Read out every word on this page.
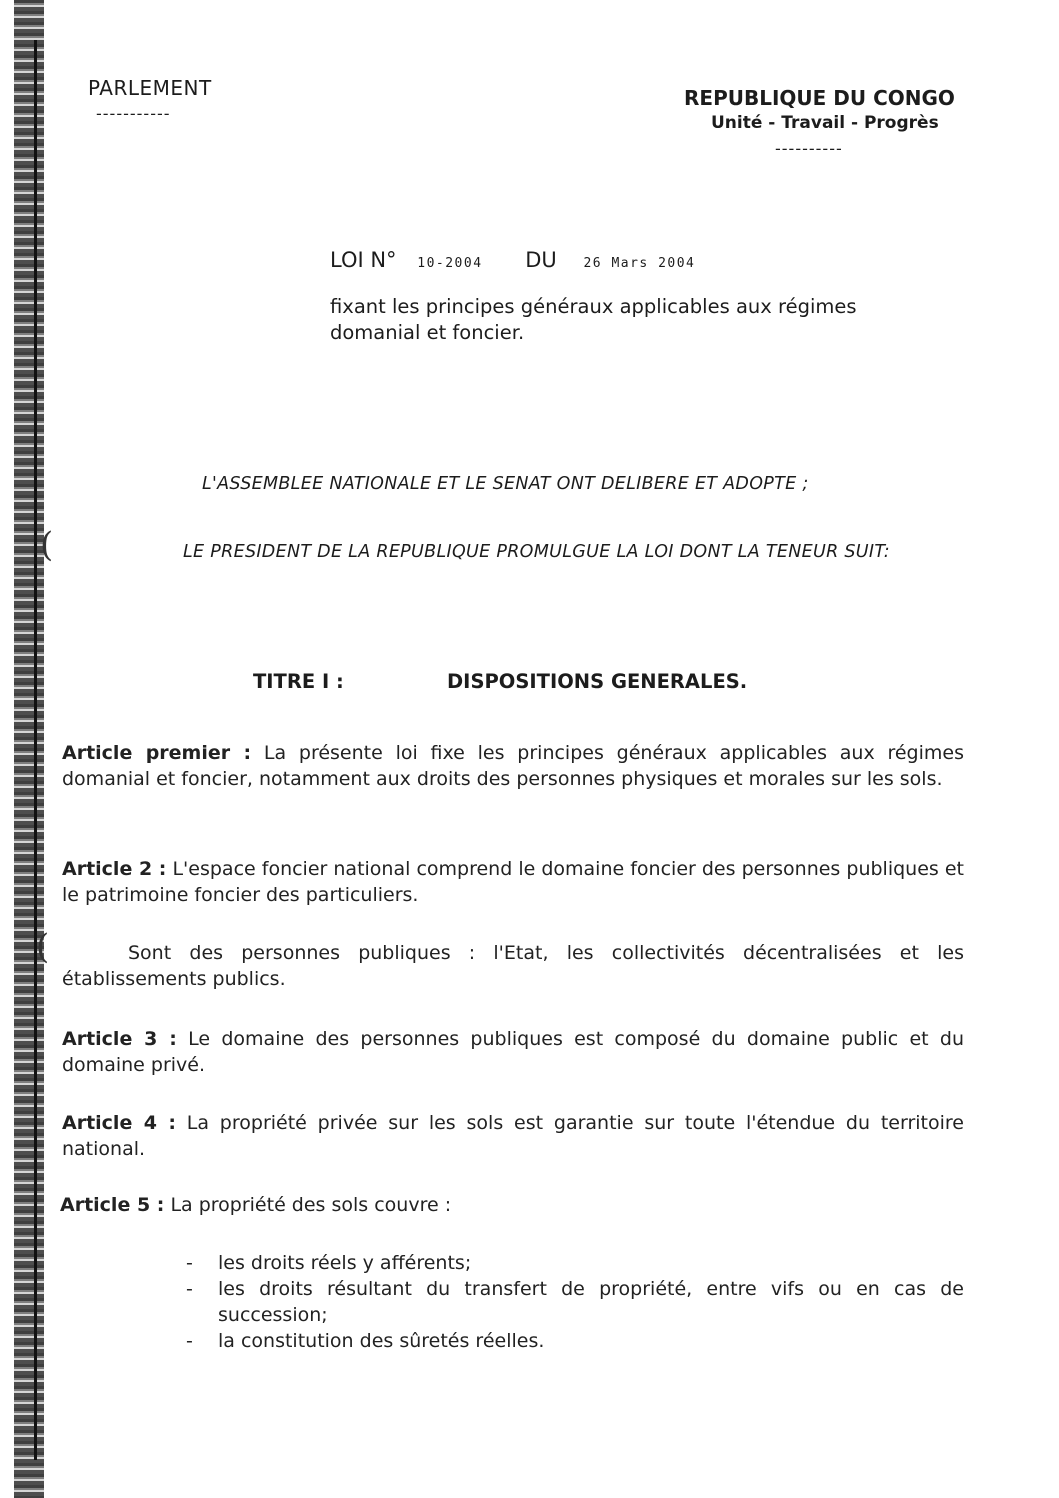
(
(
PARLEMENT
-----------
REPUBLIQUE DU CONGO
Unité - Travail - Progrès
----------
LOI N° 10-2004 DU 26 Mars 2004
fixant les principes généraux applicables aux régimes domanial et foncier.
L'ASSEMBLEE NATIONALE ET LE SENAT ONT DELIBERE ET ADOPTE ;
LE PRESIDENT DE LA REPUBLIQUE PROMULGUE LA LOI DONT LA TENEUR SUIT:
TITRE I :	DISPOSITIONS GENERALES.
Article premier : La présente loi fixe les principes généraux applicables aux régimes domanial et foncier, notamment aux droits des personnes physiques et morales sur les sols.
Article 2 : L'espace foncier national comprend le domaine foncier des personnes publiques et le patrimoine foncier des particuliers.
Sont des personnes publiques : l'Etat, les collectivités décentralisées et les établissements publics.
Article 3 : Le domaine des personnes publiques est composé du domaine public et du domaine privé.
Article 4 : La propriété privée sur les sols est garantie sur toute l'étendue du territoire national.
Article 5 : La propriété des sols couvre :
- les droits réels y afférents;
- les droits résultant du transfert de propriété, entre vifs ou en cas de succession;
- la constitution des sûretés réelles.
